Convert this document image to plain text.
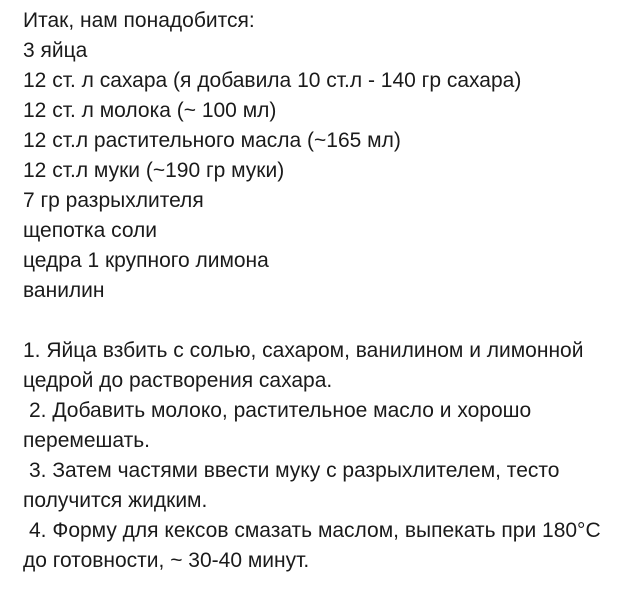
Итак, нам понадобится:
3 яйца
12 ст. л сахара (я добавила 10 ст.л - 140 гр сахара)
12 ст. л молока (~ 100 мл)
12 ст.л растительного масла (~165 мл)
12 ст.л муки (~190 гр муки)
7 гр разрыхлителя
щепотка соли
цедра 1 крупного лимона
ванилин
1. Яйца взбить с солью, сахаром, ванилином и лимонной цедрой до растворения сахара.
2. Добавить молоко, растительное масло и хорошо перемешать.
3. Затем частями ввести муку с разрыхлителем, тесто получится жидким.
4. Форму для кексов смазать маслом, выпекать при 180°С до готовности, ~ 30-40 минут.
